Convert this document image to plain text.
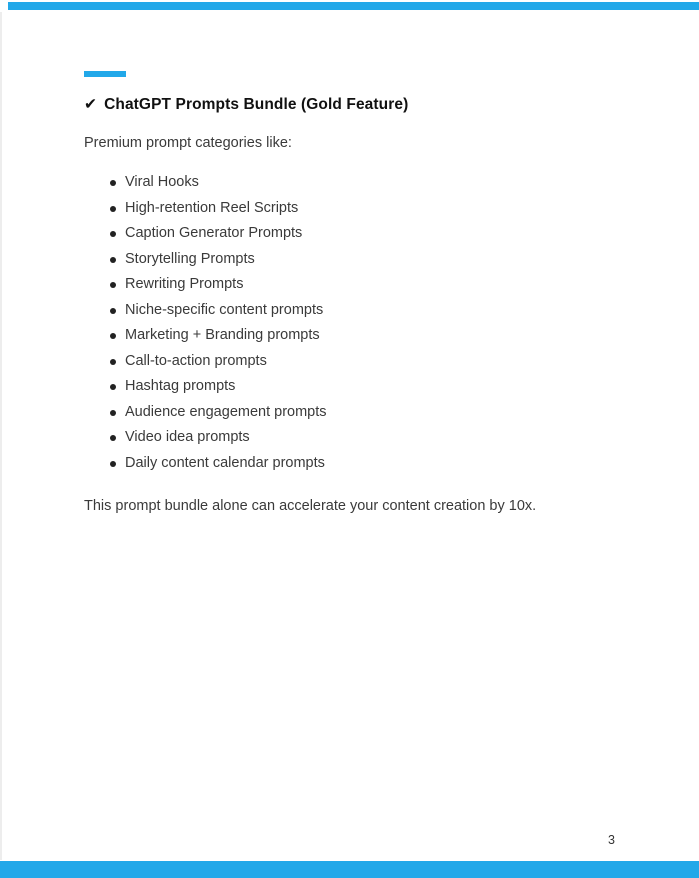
✔ ChatGPT Prompts Bundle (Gold Feature)

Premium prompt categories like:

Viral Hooks
High-retention Reel Scripts
Caption Generator Prompts
Storytelling Prompts
Rewriting Prompts
Niche-specific content prompts
Marketing + Branding prompts
Call-to-action prompts
Hashtag prompts
Audience engagement prompts
Video idea prompts
Daily content calendar prompts

This prompt bundle alone can accelerate your content creation by 10x.

3
